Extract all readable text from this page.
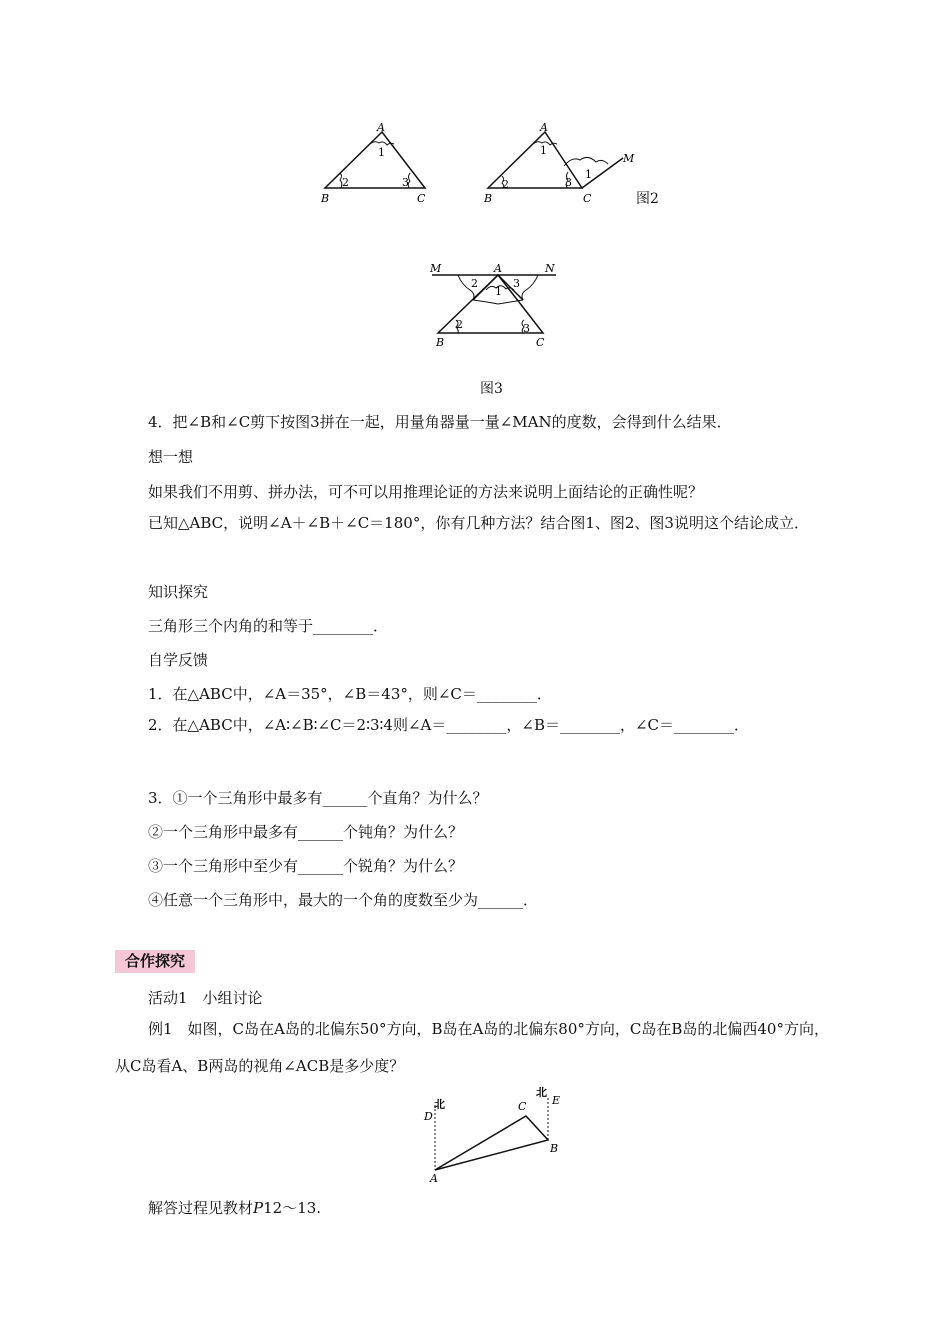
A
1
2	3
B	C
A
1
2	3
1
M
B	C	图2
M	A	N
2
1
3
2	3
B	C
图3
4．把∠B和∠C剪下按图3拼在一起，用量角器量一量∠MAN的度数，会得到什么结果．
想一想
如果我们不用剪、拼办法，可不可以用推理论证的方法来说明上面结论的正确性呢？
已知△ABC，说明∠A＋∠B＋∠C＝180°，你有几种方法？结合图1、图2、图3说明这个结论成立．
知识探究
三角形三个内角的和等于________．
自学反馈
1．在△ABC中，∠A＝35°，∠B＝43°，则∠C＝________．
2．在△ABC中，∠A∶∠B∶∠C＝2∶3∶4则∠A＝________，∠B＝________，∠C＝________．
3．①一个三角形中最多有______个直角？为什么？
②一个三角形中最多有______个钝角？为什么？
③一个三角形中至少有______个锐角？为什么？
④任意一个三角形中，最大的一个角的度数至少为______．
合作探究
活动1　小组讨论
例1　如图，C岛在A岛的北偏东50°方向，B岛在A岛的北偏东80°方向，C岛在B岛的北偏西40°方向，从C岛看A、B两岛的视角∠ACB是多少度？
北
北
D
E
C
B
A
解答过程见教材P12～13.
